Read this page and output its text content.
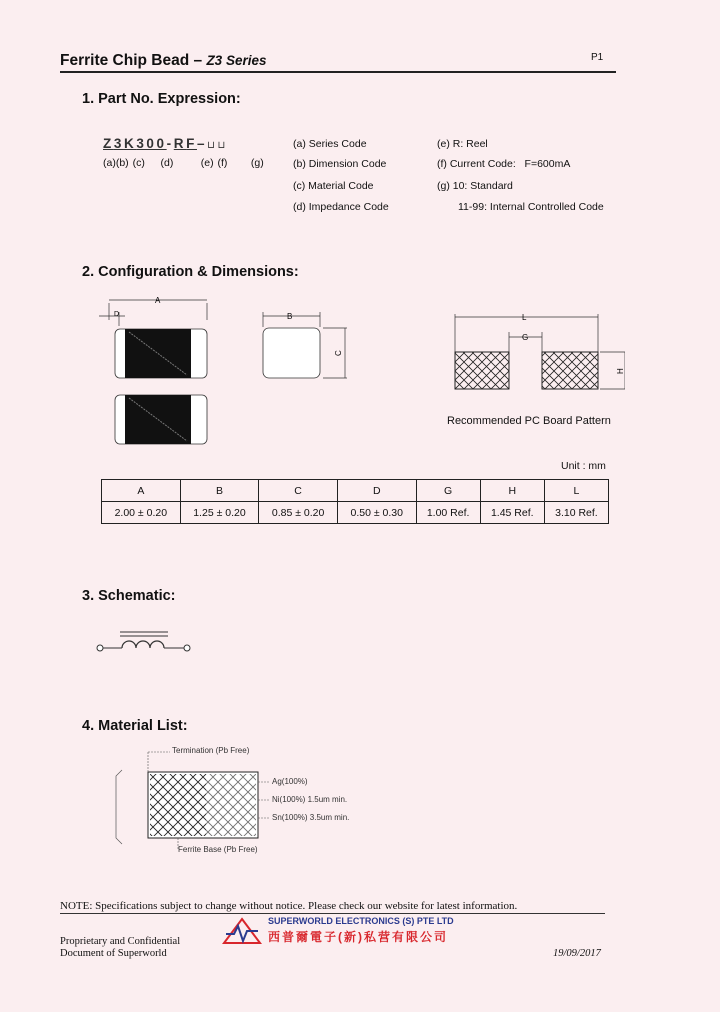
Ferrite Chip Bead – Z3 Series	P1
1. Part No. Expression:
Z3K300-RF–⊔⊔
(a)(b) (c)    (d)       (e) (f)      (g)
(a) Series Code
(b) Dimension Code
(c) Material Code
(d) Impedance Code
(e) R: Reel
(f) Current Code:   F=600mA
(g) 10: Standard
11-99: Internal Controlled Code
2. Configuration & Dimensions:
A
D	B
C
L
G
H
Recommended PC Board Pattern
Unit : mm
A	B	C	D	G	H	L
2.00 ± 0.20	1.25 ± 0.20	0.85 ± 0.20	0.50 ± 0.30	1.00 Ref.	1.45 Ref.	3.10 Ref.
3. Schematic:
4. Material List:
Termination (Pb Free)
Ag(100%)
Ni(100%) 1.5um min.
Sn(100%) 3.5um min.
Ferrite Base (Pb Free)
NOTE: Specifications subject to change without notice. Please check our website for latest information.
Proprietary and Confidential
Document of Superworld
SUPERWORLD ELECTRONICS (S) PTE LTD
西普爾電子(新)私营有限公司
19/09/2017
